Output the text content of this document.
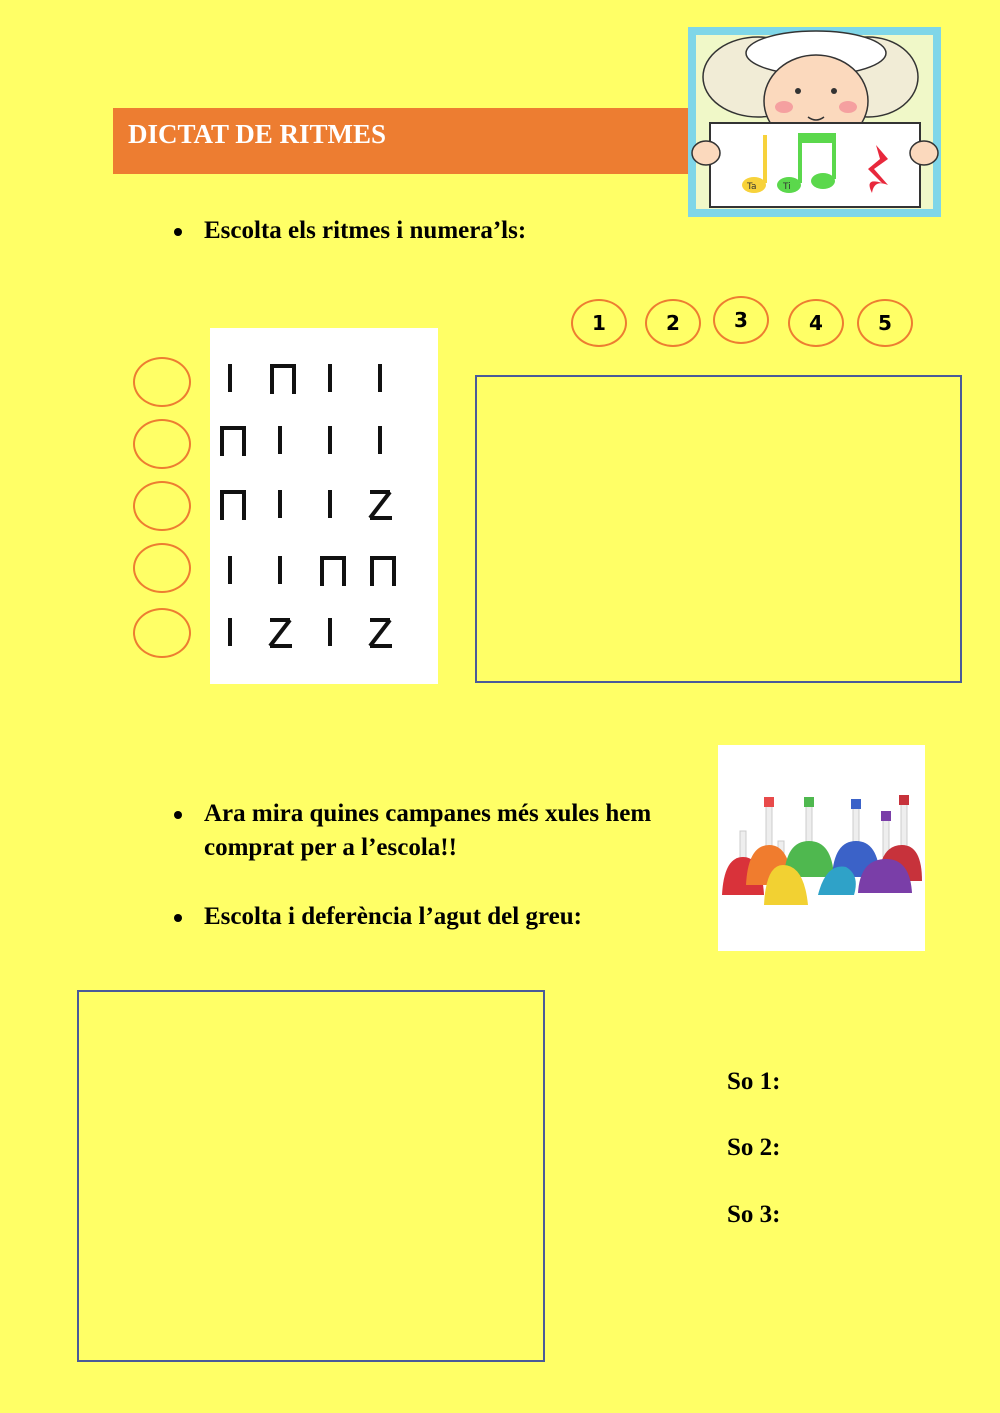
DICTAT DE RITMES
Ta	Ti
Escolta els ritmes i numera’ls:
1	2	3	4	5
Ara mira quines campanes més xules hem comprat per a l’escola!!
Escolta i deferència l’agut del greu:
So 1:
So 2:
So 3:
